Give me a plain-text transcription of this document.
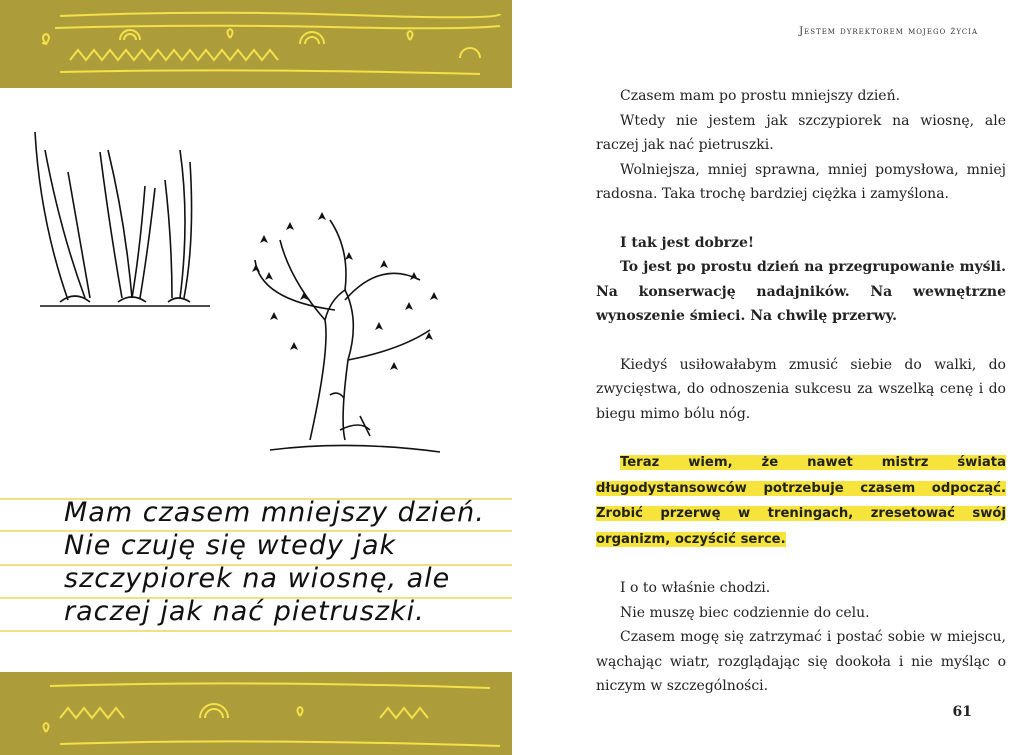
Mam czasem mniejszy dzień.
Nie czuję się wtedy jak
szczypiorek na wiosnę, ale
raczej jak nać pietruszki.
Jestem dyrektorem mojego życia

Czasem mam po prostu mniejszy dzień.

Wtedy nie jestem jak szczypiorek na wiosnę, ale raczej jak nać pietruszki.

Wolniejsza, mniej sprawna, mniej pomysłowa, mniej radosna. Taka trochę bardziej ciężka i zamyślona.

I tak jest dobrze!

To jest po prostu dzień na przegrupowanie myśli. Na konserwację nadajników. Na wewnętrzne wynoszenie śmieci. Na chwilę przerwy.

Kiedyś usiłowałabym zmusić siebie do walki, do zwycięstwa, do odnoszenia sukcesu za wszelką cenę i do biegu mimo bólu nóg.

Teraz wiem, że nawet mistrz świata długodystansowców potrzebuje czasem odpocząć. Zrobić przerwę w treningach, zresetować swój organizm, oczyścić serce.

I o to właśnie chodzi.

Nie muszę biec codziennie do celu.

Czasem mogę się zatrzymać i postać sobie w miejscu, wąchając wiatr, rozglądając się dookoła i nie myśląc o niczym w szczególności.

61
